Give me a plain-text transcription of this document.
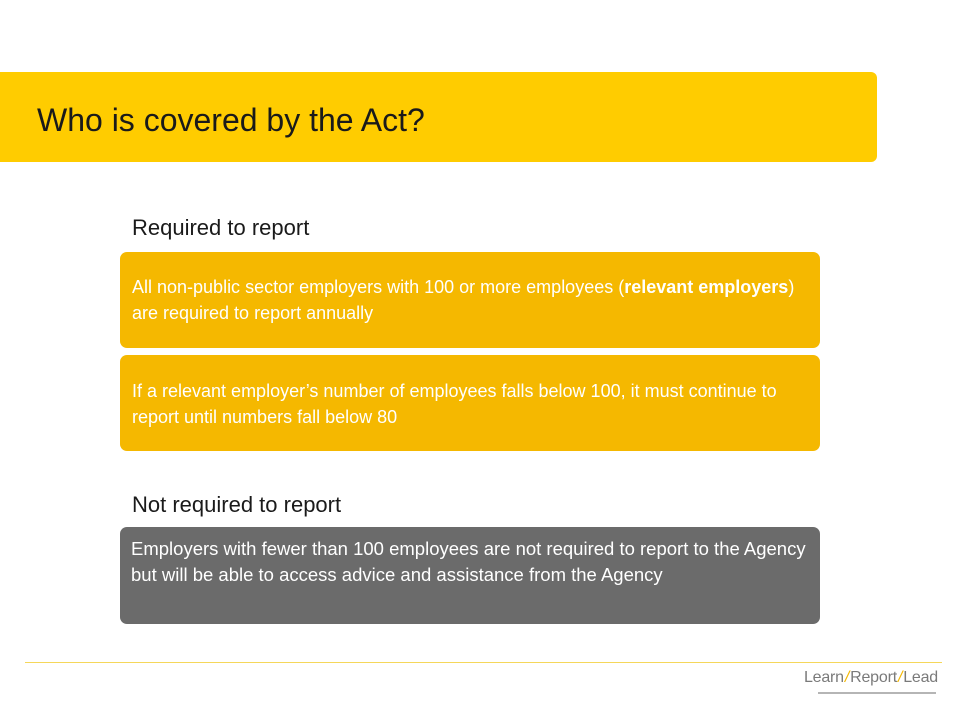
Who is covered by the Act?
Required to report
All non-public sector employers with 100 or more employees (relevant employers) are required to report annually
If a relevant employer’s number of employees falls below 100, it must continue to report until numbers fall below 80
Not required to report
Employers with fewer than 100 employees are not required to report to the Agency but will be able to access advice and assistance from the Agency
Learn/Report/Lead
